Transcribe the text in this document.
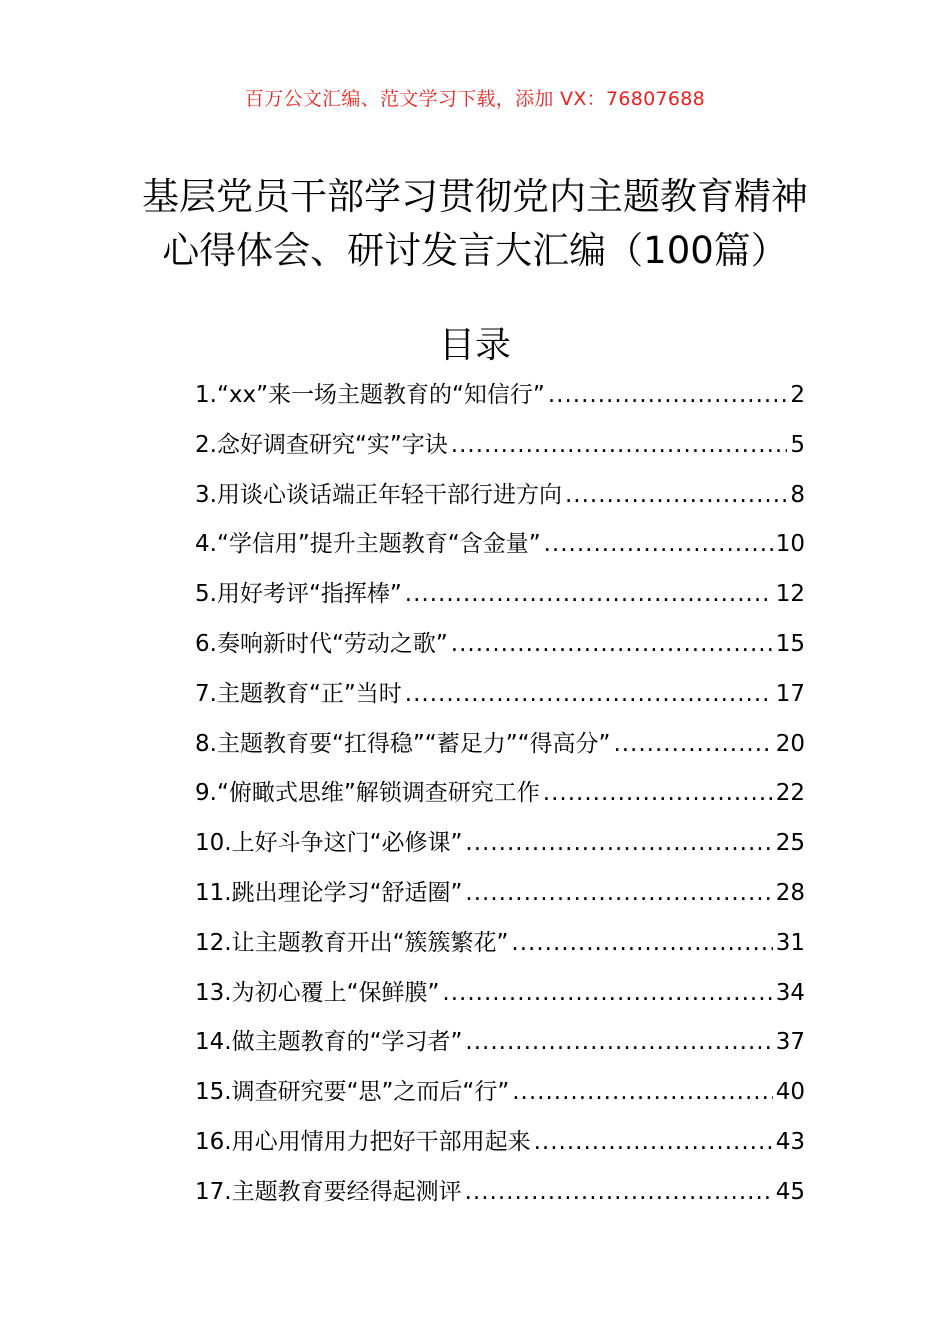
百万公文汇编、范文学习下载，添加 VX：76807688
基层党员干部学习贯彻党内主题教育精神
心得体会、研讨发言大汇编（100篇）
目录
1.“xx”来一场主题教育的“知信行” .....	2
2.念好调查研究“实”字诀 .....	5
3.用谈心谈话端正年轻干部行进方向 .....	8
4.“学信用”提升主题教育“含金量” .....	10
5.用好考评“指挥棒” .....	12
6.奏响新时代“劳动之歌” .....	15
7.主题教育“正”当时 .....	17
8.主题教育要“扛得稳”“蓄足力”“得高分” .....	20
9.“俯瞰式思维”解锁调查研究工作 .....	22
10.上好斗争这门“必修课” .....	25
11.跳出理论学习“舒适圈” .....	28
12.让主题教育开出“簇簇繁花” .....	31
13.为初心覆上“保鲜膜” .....	34
14.做主题教育的“学习者” .....	37
15.调查研究要“思”之而后“行” .....	40
16.用心用情用力把好干部用起来 .....	43
17.主题教育要经得起测评 .....	45
